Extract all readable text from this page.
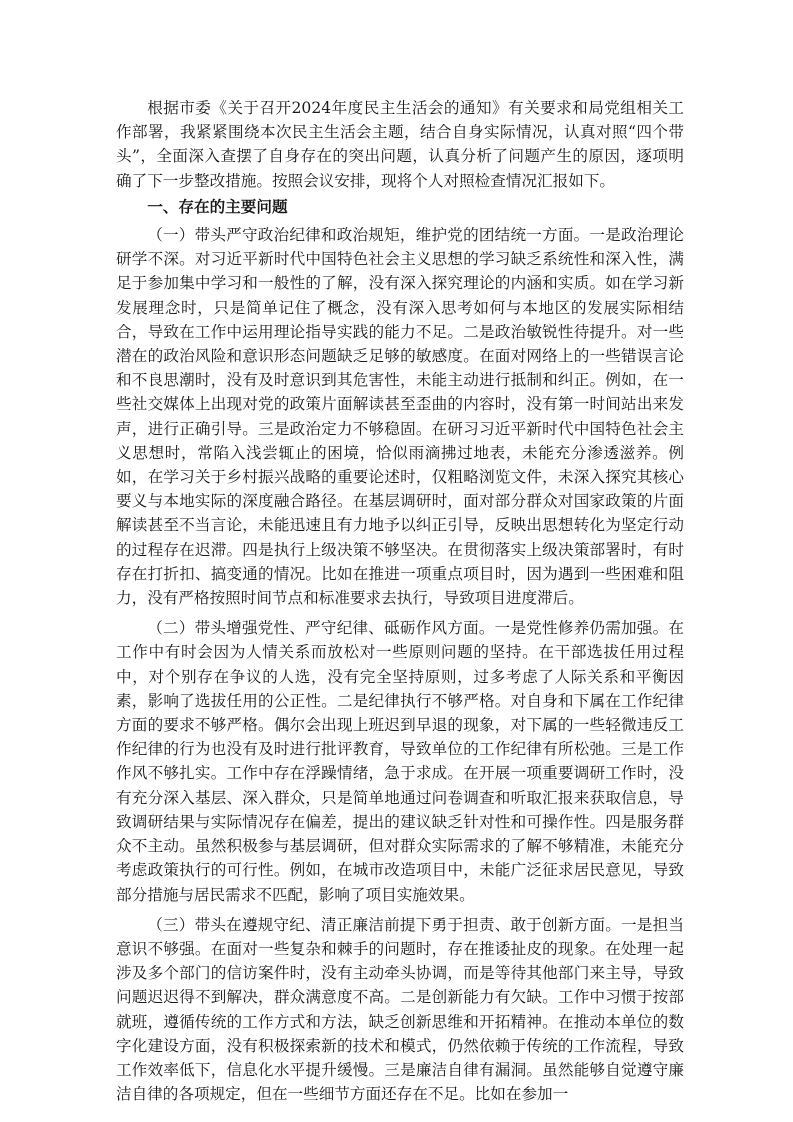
根据市委《关于召开2024年度民主生活会的通知》有关要求和局党组相关工作部署，我紧紧围绕本次民主生活会主题，结合自身实际情况，认真对照“四个带头”，全面深入查摆了自身存在的突出问题，认真分析了问题产生的原因，逐项明确了下一步整改措施。按照会议安排，现将个人对照检查情况汇报如下。

一、存在的主要问题

（一）带头严守政治纪律和政治规矩，维护党的团结统一方面。一是政治理论研学不深。对习近平新时代中国特色社会主义思想的学习缺乏系统性和深入性，满足于参加集中学习和一般性的了解，没有深入探究理论的内涵和实质。如在学习新发展理念时，只是简单记住了概念，没有深入思考如何与本地区的发展实际相结合，导致在工作中运用理论指导实践的能力不足。二是政治敏锐性待提升。对一些潜在的政治风险和意识形态问题缺乏足够的敏感度。在面对网络上的一些错误言论和不良思潮时，没有及时意识到其危害性，未能主动进行抵制和纠正。例如，在一些社交媒体上出现对党的政策片面解读甚至歪曲的内容时，没有第一时间站出来发声，进行正确引导。三是政治定力不够稳固。在研习习近平新时代中国特色社会主义思想时，常陷入浅尝辄止的困境，恰似雨滴拂过地表，未能充分渗透滋养。例如，在学习关于乡村振兴战略的重要论述时，仅粗略浏览文件，未深入探究其核心要义与本地实际的深度融合路径。在基层调研时，面对部分群众对国家政策的片面解读甚至不当言论，未能迅速且有力地予以纠正引导，反映出思想转化为坚定行动的过程存在迟滞。四是执行上级决策不够坚决。在贯彻落实上级决策部署时，有时存在打折扣、搞变通的情况。比如在推进一项重点项目时，因为遇到一些困难和阻力，没有严格按照时间节点和标准要求去执行，导致项目进度滞后。

（二）带头增强党性、严守纪律、砥砺作风方面。一是党性修养仍需加强。在工作中有时会因为人情关系而放松对一些原则问题的坚持。在干部选拔任用过程中，对个别存在争议的人选，没有完全坚持原则，过多考虑了人际关系和平衡因素，影响了选拔任用的公正性。二是纪律执行不够严格。对自身和下属在工作纪律方面的要求不够严格。偶尔会出现上班迟到早退的现象，对下属的一些轻微违反工作纪律的行为也没有及时进行批评教育，导致单位的工作纪律有所松弛。三是工作作风不够扎实。工作中存在浮躁情绪，急于求成。在开展一项重要调研工作时，没有充分深入基层、深入群众，只是简单地通过问卷调查和听取汇报来获取信息，导致调研结果与实际情况存在偏差，提出的建议缺乏针对性和可操作性。四是服务群众不主动。虽然积极参与基层调研，但对群众实际需求的了解不够精准，未能充分考虑政策执行的可行性。例如，在城市改造项目中，未能广泛征求居民意见，导致部分措施与居民需求不匹配，影响了项目实施效果。

（三）带头在遵规守纪、清正廉洁前提下勇于担责、敢于创新方面。一是担当意识不够强。在面对一些复杂和棘手的问题时，存在推诿扯皮的现象。在处理一起涉及多个部门的信访案件时，没有主动牵头协调，而是等待其他部门来主导，导致问题迟迟得不到解决，群众满意度不高。二是创新能力有欠缺。工作中习惯于按部就班，遵循传统的工作方式和方法，缺乏创新思维和开拓精神。在推动本单位的数字化建设方面，没有积极探索新的技术和模式，仍然依赖于传统的工作流程，导致工作效率低下，信息化水平提升缓慢。三是廉洁自律有漏洞。虽然能够自觉遵守廉洁自律的各项规定，但在一些细节方面还存在不足。比如在参加一
